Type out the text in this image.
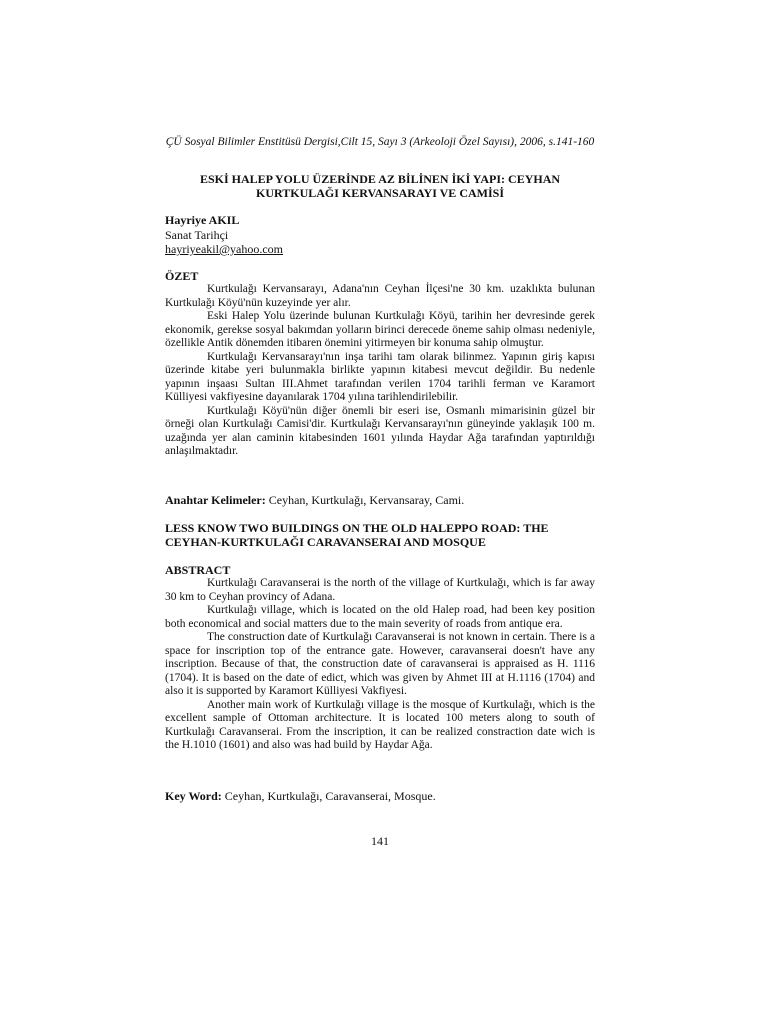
ÇÜ Sosyal Bilimler Enstitüsü Dergisi,Cilt 15, Sayı 3 (Arkeoloji Özel Sayısı), 2006, s.141-160
ESKİ HALEP YOLU ÜZERİNDE AZ BİLİNEN İKİ YAPI: CEYHAN
KURTKULAĞI KERVANSARAYI VE CAMİSİ
Hayriye AKIL
Sanat Tarihçi
hayriyeakil@yahoo.com
ÖZET

Kurtkulağı Kervansarayı, Adana'nın Ceyhan İlçesi'ne 30 km. uzaklıkta bulunan Kurtkulağı Köyü'nün kuzeyinde yer alır.

Eski Halep Yolu üzerinde bulunan Kurtkulağı Köyü, tarihin her devresinde gerek ekonomik, gerekse sosyal bakımdan yolların birinci derecede öneme sahip olması nedeniyle, özellikle Antik dönemden itibaren önemini yitirmeyen bir konuma sahip olmuştur.

Kurtkulağı Kervansarayı'nın inşa tarihi tam olarak bilinmez. Yapının giriş kapısı üzerinde kitabe yeri bulunmakla birlikte yapının kitabesi mevcut değildir. Bu nedenle yapının inşaası Sultan III.Ahmet tarafından verilen 1704 tarihli ferman ve Karamort Külliyesi vakfiyesine dayanılarak 1704 yılına tarihlendirilebilir.

Kurtkulağı Köyü'nün diğer önemli bir eseri ise, Osmanlı mimarisinin güzel bir örneği olan Kurtkulağı Camisi'dir. Kurtkulağı Kervansarayı'nın güneyinde yaklaşık 100 m. uzağında yer alan caminin kitabesinden 1601 yılında Haydar Ağa tarafından yaptırıldığı anlaşılmaktadır.

Anahtar Kelimeler: Ceyhan, Kurtkulağı, Kervansaray, Cami.
LESS KNOW TWO BUILDINGS ON THE OLD HALEPPO ROAD: THE
CEYHAN-KURTKULAĞI CARAVANSERAI AND MOSQUE
ABSTRACT

Kurtkulağı Caravanserai is the north of the village of Kurtkulağı, which is far away 30 km to Ceyhan provincy of Adana.

Kurtkulağı village, which is located on the old Halep road, had been key position both economical and social matters due to the main severity of roads from antique era.

The construction date of Kurtkulağı Caravanserai is not known in certain. There is a space for inscription top of the entrance gate. However, caravanserai doesn't have any inscription. Because of that, the construction date of caravanserai is appraised as H. 1116 (1704). It is based on the date of edict, which was given by Ahmet III at H.1116 (1704) and also it is supported by Karamort Külliyesi Vakfiyesi.

Another main work of Kurtkulağı village is the mosque of Kurtkulağı, which is the excellent sample of Ottoman architecture. It is located 100 meters along to south of Kurtkulağı Caravanserai. From the inscription, it can be realized constraction date wich is the H.1010 (1601) and also was had build by Haydar Ağa.

Key Word: Ceyhan, Kurtkulağı, Caravanserai, Mosque.
141
